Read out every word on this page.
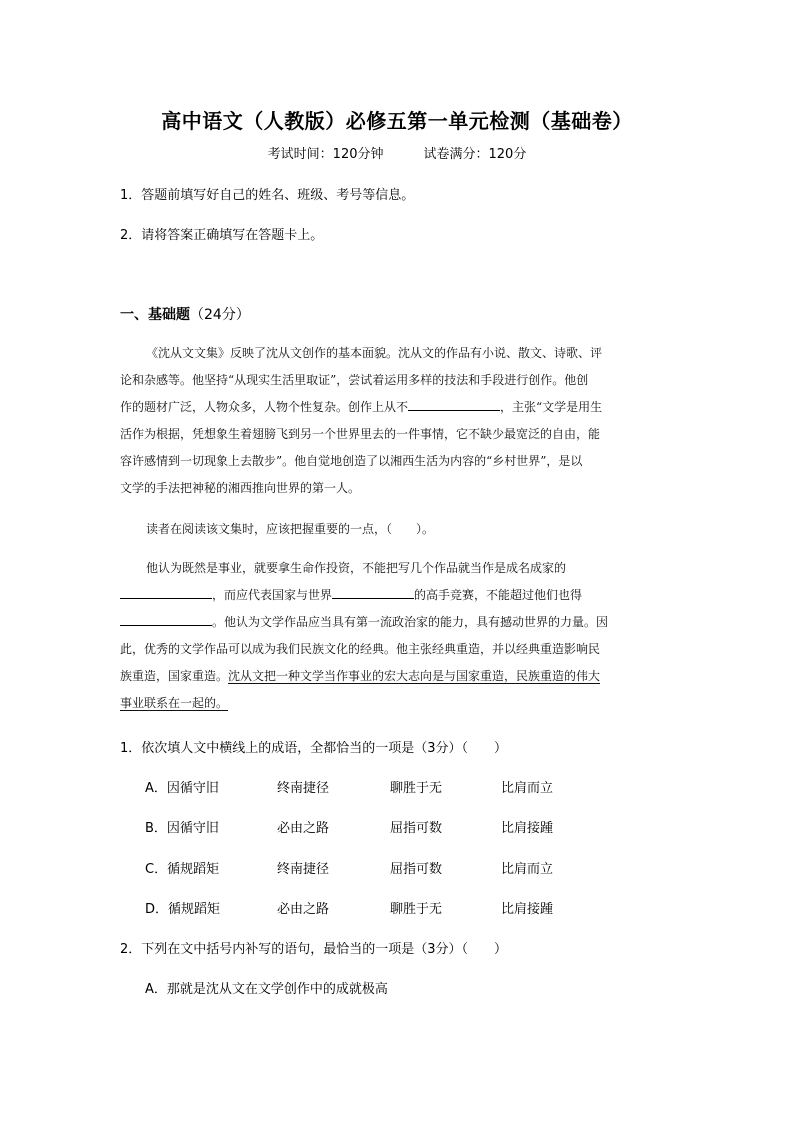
高中语文（人教版）必修五第一单元检测（基础卷）
考试时间：120分钟	试卷满分：120分
1．答题前填写好自己的姓名、班级、考号等信息。
2．请将答案正确填写在答题卡上。
一、基础题（24分）
《沈从文文集》反映了沈从文创作的基本面貌。沈从文的作品有小说、散文、诗歌、评
论和杂感等。他坚持“从现实生活里取证”，尝试着运用多样的技法和手段进行创作。他创
作的题材广泛，人物众多，人物个性复杂。创作上从不	，主张“文学是用生
活作为根据，凭想象生着翅膀飞到另一个世界里去的一件事情，它不缺少最宽泛的自由，能
容许感情到一切现象上去散步”。他自觉地创造了以湘西生活为内容的“乡村世界”，是以
文学的手法把神秘的湘西推向世界的第一人。
读者在阅读该文集时，应该把握重要的一点，（　　）。
他认为既然是事业，就要拿生命作投资，不能把写几个作品就当作是成名成家的
，而应代表国家与世界	的高手竞赛，不能超过他们也得
。他认为文学作品应当具有第一流政治家的能力，具有撼动世界的力量。因
此，优秀的文学作品可以成为我们民族文化的经典。他主张经典重造，并以经典重造影响民
族重造，国家重造。沈从文把一种文学当作事业的宏大志向是与国家重造，民族重造的伟大
事业联系在一起的。
1．依次填人文中横线上的成语，全都恰当的一项是（3分）（　　）
A．因循守旧	终南捷径	聊胜于无	比肩而立
B．因循守旧	必由之路	屈指可数	比肩接踵
C．循规蹈矩	终南捷径	屈指可数	比肩而立
D．循规蹈矩	必由之路	聊胜于无	比肩接踵
2．下列在文中括号内补写的语句，最恰当的一项是（3分）（　　）
A．那就是沈从文在文学创作中的成就极高
